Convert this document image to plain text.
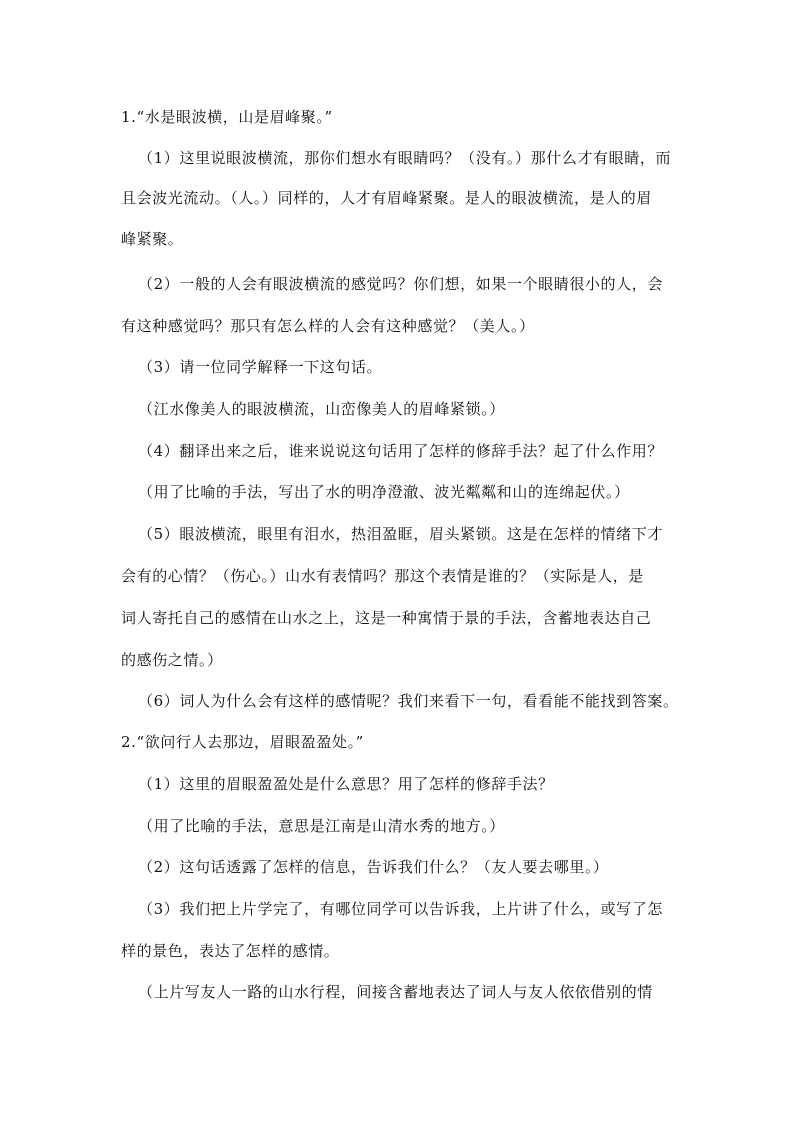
1.“水是眼波横，山是眉峰聚。”
（1）这里说眼波横流，那你们想水有眼睛吗？（没有。）那什么才有眼睛，而
且会波光流动。（人。）同样的，人才有眉峰紧聚。是人的眼波横流，是人的眉
峰紧聚。
（2）一般的人会有眼波横流的感觉吗？你们想，如果一个眼睛很小的人，会
有这种感觉吗？那只有怎么样的人会有这种感觉？（美人。）
（3）请一位同学解释一下这句话。
（江水像美人的眼波横流，山峦像美人的眉峰紧锁。）
（4）翻译出来之后，谁来说说这句话用了怎样的修辞手法？起了什么作用？
（用了比喻的手法，写出了水的明净澄澈、波光粼粼和山的连绵起伏。）
（5）眼波横流，眼里有泪水，热泪盈眶，眉头紧锁。这是在怎样的情绪下才
会有的心情？（伤心。）山水有表情吗？那这个表情是谁的？（实际是人，是
词人寄托自己的感情在山水之上，这是一种寓情于景的手法，含蓄地表达自己
的感伤之情。）
（6）词人为什么会有这样的感情呢？我们来看下一句，看看能不能找到答案。
2.“欲问行人去那边，眉眼盈盈处。”
（1）这里的眉眼盈盈处是什么意思？用了怎样的修辞手法？
（用了比喻的手法，意思是江南是山清水秀的地方。）
（2）这句话透露了怎样的信息，告诉我们什么？（友人要去哪里。）
（3）我们把上片学完了，有哪位同学可以告诉我，上片讲了什么，或写了怎
样的景色，表达了怎样的感情。
（上片写友人一路的山水行程，间接含蓄地表达了词人与友人依依借别的情
